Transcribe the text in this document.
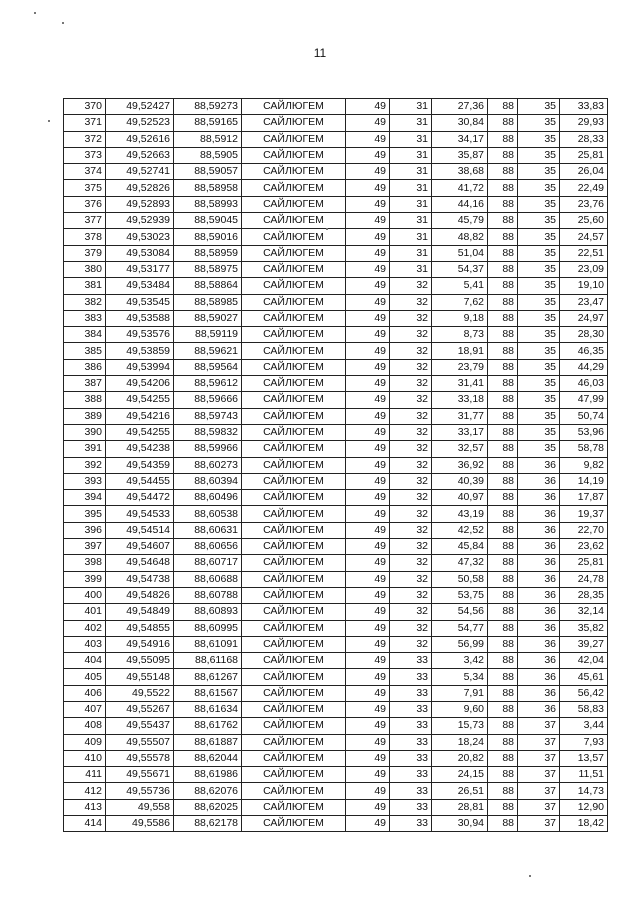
11
370	49,52427	88,59273	САЙЛЮГЕМ	49	31	27,36	88	35	33,83
371	49,52523	88,59165	САЙЛЮГЕМ	49	31	30,84	88	35	29,93
372	49,52616	88,5912	САЙЛЮГЕМ	49	31	34,17	88	35	28,33
373	49,52663	88,5905	САЙЛЮГЕМ	49	31	35,87	88	35	25,81
374	49,52741	88,59057	САЙЛЮГЕМ	49	31	38,68	88	35	26,04
375	49,52826	88,58958	САЙЛЮГЕМ	49	31	41,72	88	35	22,49
376	49,52893	88,58993	САЙЛЮГЕМ	49	31	44,16	88	35	23,76
377	49,52939	88,59045	САЙЛЮГЕМ	49	31	45,79	88	35	25,60
378	49,53023	88,59016	САЙЛЮГЕМ	49	31	48,82	88	35	24,57
379	49,53084	88,58959	САЙЛЮГЕМ	49	31	51,04	88	35	22,51
380	49,53177	88,58975	САЙЛЮГЕМ	49	31	54,37	88	35	23,09
381	49,53484	88,58864	САЙЛЮГЕМ	49	32	5,41	88	35	19,10
382	49,53545	88,58985	САЙЛЮГЕМ	49	32	7,62	88	35	23,47
383	49,53588	88,59027	САЙЛЮГЕМ	49	32	9,18	88	35	24,97
384	49,53576	88,59119	САЙЛЮГЕМ	49	32	8,73	88	35	28,30
385	49,53859	88,59621	САЙЛЮГЕМ	49	32	18,91	88	35	46,35
386	49,53994	88,59564	САЙЛЮГЕМ	49	32	23,79	88	35	44,29
387	49,54206	88,59612	САЙЛЮГЕМ	49	32	31,41	88	35	46,03
388	49,54255	88,59666	САЙЛЮГЕМ	49	32	33,18	88	35	47,99
389	49,54216	88,59743	САЙЛЮГЕМ	49	32	31,77	88	35	50,74
390	49,54255	88,59832	САЙЛЮГЕМ	49	32	33,17	88	35	53,96
391	49,54238	88,59966	САЙЛЮГЕМ	49	32	32,57	88	35	58,78
392	49,54359	88,60273	САЙЛЮГЕМ	49	32	36,92	88	36	9,82
393	49,54455	88,60394	САЙЛЮГЕМ	49	32	40,39	88	36	14,19
394	49,54472	88,60496	САЙЛЮГЕМ	49	32	40,97	88	36	17,87
395	49,54533	88,60538	САЙЛЮГЕМ	49	32	43,19	88	36	19,37
396	49,54514	88,60631	САЙЛЮГЕМ	49	32	42,52	88	36	22,70
397	49,54607	88,60656	САЙЛЮГЕМ	49	32	45,84	88	36	23,62
398	49,54648	88,60717	САЙЛЮГЕМ	49	32	47,32	88	36	25,81
399	49,54738	88,60688	САЙЛЮГЕМ	49	32	50,58	88	36	24,78
400	49,54826	88,60788	САЙЛЮГЕМ	49	32	53,75	88	36	28,35
401	49,54849	88,60893	САЙЛЮГЕМ	49	32	54,56	88	36	32,14
402	49,54855	88,60995	САЙЛЮГЕМ	49	32	54,77	88	36	35,82
403	49,54916	88,61091	САЙЛЮГЕМ	49	32	56,99	88	36	39,27
404	49,55095	88,61168	САЙЛЮГЕМ	49	33	3,42	88	36	42,04
405	49,55148	88,61267	САЙЛЮГЕМ	49	33	5,34	88	36	45,61
406	49,5522	88,61567	САЙЛЮГЕМ	49	33	7,91	88	36	56,42
407	49,55267	88,61634	САЙЛЮГЕМ	49	33	9,60	88	36	58,83
408	49,55437	88,61762	САЙЛЮГЕМ	49	33	15,73	88	37	3,44
409	49,55507	88,61887	САЙЛЮГЕМ	49	33	18,24	88	37	7,93
410	49,55578	88,62044	САЙЛЮГЕМ	49	33	20,82	88	37	13,57
411	49,55671	88,61986	САЙЛЮГЕМ	49	33	24,15	88	37	11,51
412	49,55736	88,62076	САЙЛЮГЕМ	49	33	26,51	88	37	14,73
413	49,558	88,62025	САЙЛЮГЕМ	49	33	28,81	88	37	12,90
414	49,5586	88,62178	САЙЛЮГЕМ	49	33	30,94	88	37	18,42
